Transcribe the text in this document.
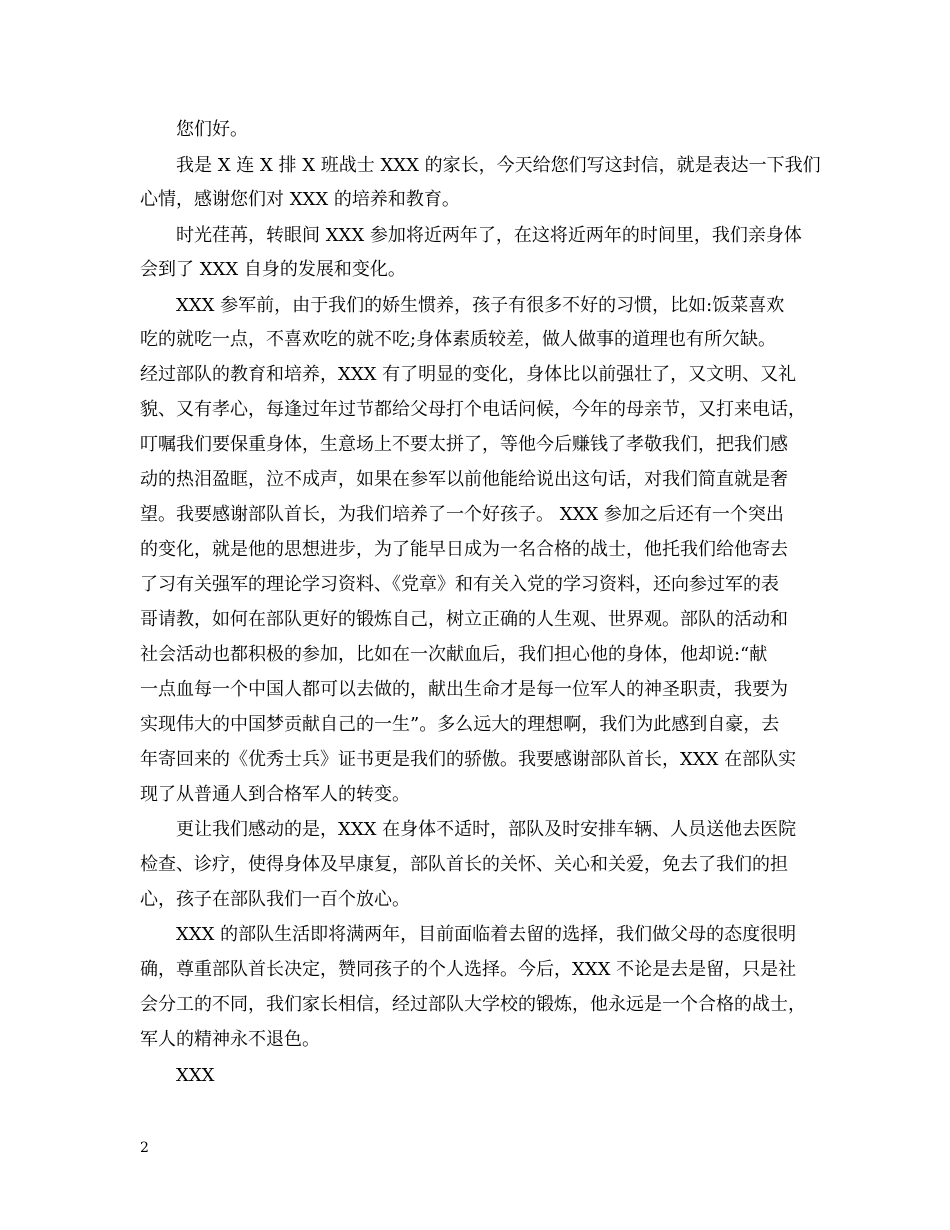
您们好。
我是 X 连 X 排 X 班战士 XXX 的家长，今天给您们写这封信，就是表达一下我们
心情，感谢您们对 XXX 的培养和教育。
时光荏苒，转眼间 XXX 参加将近两年了，在这将近两年的时间里，我们亲身体
会到了 XXX 自身的发展和变化。
XXX 参军前，由于我们的娇生惯养，孩子有很多不好的习惯，比如:饭菜喜欢
吃的就吃一点，不喜欢吃的就不吃;身体素质较差，做人做事的道理也有所欠缺。
经过部队的教育和培养，XXX 有了明显的变化，身体比以前强壮了，又文明、又礼
貌、又有孝心，每逢过年过节都给父母打个电话问候，今年的母亲节，又打来电话，
叮嘱我们要保重身体，生意场上不要太拼了，等他今后赚钱了孝敬我们，把我们感
动的热泪盈眶，泣不成声，如果在参军以前他能给说出这句话，对我们简直就是奢
望。我要感谢部队首长，为我们培养了一个好孩子。 XXX 参加之后还有一个突出
的变化，就是他的思想进步，为了能早日成为一名合格的战士，他托我们给他寄去
了习有关强军的理论学习资料、《党章》和有关入党的学习资料，还向参过军的表
哥请教，如何在部队更好的锻炼自己，树立正确的人生观、世界观。部队的活动和
社会活动也都积极的参加，比如在一次献血后，我们担心他的身体，他却说:“献
一点血每一个中国人都可以去做的，献出生命才是每一位军人的神圣职责，我要为
实现伟大的中国梦贡献自己的一生”。多么远大的理想啊，我们为此感到自豪，去
年寄回来的《优秀士兵》证书更是我们的骄傲。我要感谢部队首长，XXX 在部队实
现了从普通人到合格军人的转变。
更让我们感动的是，XXX 在身体不适时，部队及时安排车辆、人员送他去医院
检查、诊疗，使得身体及早康复，部队首长的关怀、关心和关爱，免去了我们的担
心，孩子在部队我们一百个放心。
XXX 的部队生活即将满两年，目前面临着去留的选择，我们做父母的态度很明
确，尊重部队首长决定，赞同孩子的个人选择。今后，XXX 不论是去是留，只是社
会分工的不同，我们家长相信，经过部队大学校的锻炼，他永远是一个合格的战士，
军人的精神永不退色。
XXX
2
